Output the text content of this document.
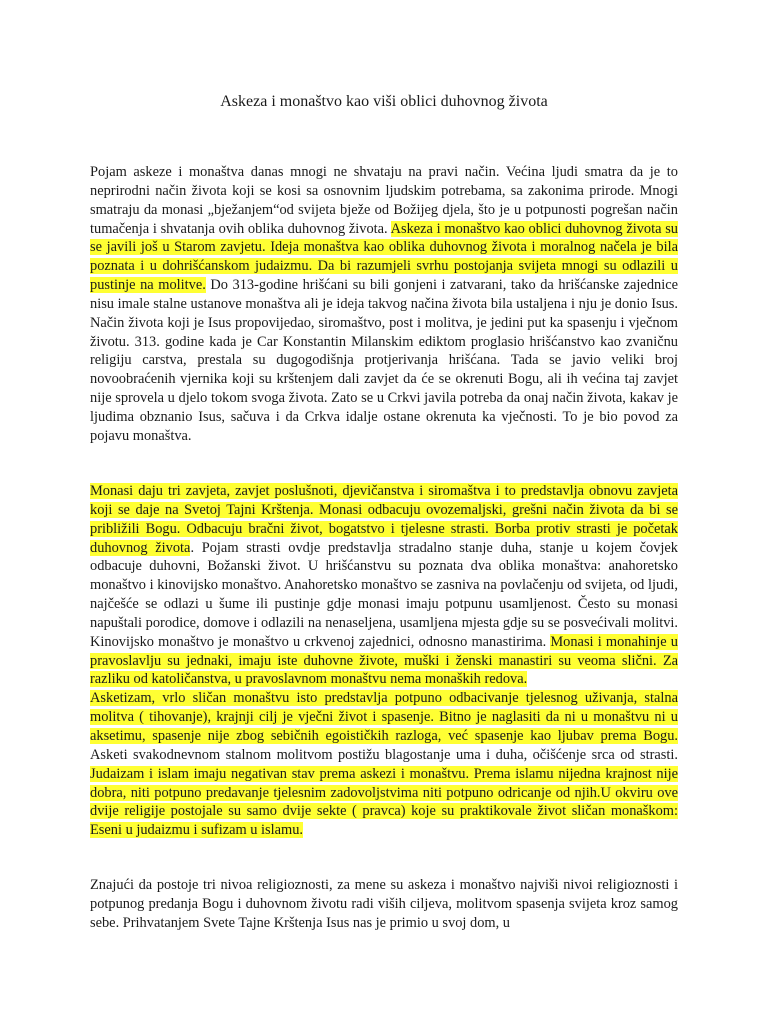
Askeza i monaštvo kao viši oblici duhovnog života

Pojam askeze i monaštva danas mnogi ne shvataju na pravi način. Većina ljudi smatra da je to neprirodni način života koji se kosi sa osnovnim ljudskim potrebama, sa zakonima prirode. Mnogi smatraju da monasi „bježanjem“od svijeta bježe od Božijeg djela, što je u potpunosti pogrešan način tumačenja i shvatanja ovih oblika duhovnog života. Askeza i monaštvo kao oblici duhovnog života su se javili još u Starom zavjetu. Ideja monaštva kao oblika duhovnog života i moralnog načela je bila poznata i u dohrišćanskom judaizmu. Da bi razumjeli svrhu postojanja svijeta mnogi su odlazili u pustinje na molitve. Do 313-godine hrišćani su bili gonjeni i zatvarani, tako da hrišćanske zajednice nisu imale stalne ustanove monaštva ali je ideja takvog načina života bila ustaljena i nju je donio Isus. Način života koji je Isus propovijedao, siromaštvo, post i molitva, je jedini put ka spasenju i vječnom životu. 313. godine kada je Car Konstantin Milanskim ediktom proglasio hrišćanstvo kao zvaničnu religiju carstva, prestala su dugogodišnja protjerivanja hrišćana. Tada se javio veliki broj novoobraćenih vjernika koji su krštenjem dali zavjet da će se okrenuti Bogu, ali ih većina taj zavjet nije sprovela u djelo tokom svoga života. Zato se u Crkvi javila potreba da onaj način života, kakav je ljudima obznanio Isus, sačuva i da Crkva idalje ostane okrenuta ka vječnosti. To je bio povod za pojavu monaštva.

Monasi daju tri zavjeta, zavjet poslušnoti, djevičanstva i siromaštva i to predstavlja obnovu zavjeta koji se daje na Svetoj Tajni Krštenja. Monasi odbacuju ovozemaljski, grešni način života da bi se približili Bogu. Odbacuju bračni život, bogatstvo i tjelesne strasti. Borba protiv strasti je početak duhovnog života. Pojam strasti ovdje predstavlja stradalno stanje duha, stanje u kojem čovjek odbacuje duhovni, Božanski život. U hrišćanstvu su poznata dva oblika monaštva: anahoretsko monaštvo i kinovijsko monaštvo. Anahoretsko monaštvo se zasniva na povlačenju od svijeta, od ljudi, najčešće se odlazi u šume ili pustinje gdje monasi imaju potpunu usamljenost. Često su monasi napuštali porodice, domove i odlazili na nenaseljena, usamljena mjesta gdje su se posvećivali molitvi. Kinovijsko monaštvo je monaštvo u crkvenoj zajednici, odnosno manastirima. Monasi i monahinje u pravoslavlju su jednaki, imaju iste duhovne živote, muški i ženski manastiri su veoma slični. Za razliku od katoličanstva, u pravoslavnom monaštvu nema monaških redova.
Asketizam, vrlo sličan monaštvu isto predstavlja potpuno odbacivanje tjelesnog uživanja, stalna molitva ( tihovanje), krajnji cilj je vječni život i spasenje. Bitno je naglasiti da ni u monaštvu ni u aksetimu, spasenje nije zbog sebičnih egoističkih razloga, već spasenje kao ljubav prema Bogu. Asketi svakodnevnom stalnom molitvom postižu blagostanje uma i duha, očišćenje srca od strasti. Judaizam i islam imaju negativan stav prema askezi i monaštvu. Prema islamu nijedna krajnost nije dobra, niti potpuno predavanje tjelesnim zadovoljstvima niti potpuno odricanje od njih.U okviru ove dvije religije postojale su samo dvije sekte ( pravca) koje su praktikovale život sličan monaškom: Eseni u judaizmu i sufizam u islamu.

Znajući da postoje tri nivoa religioznosti, za mene su askeza i monaštvo najviši nivoi religioznosti i potpunog predanja Bogu i duhovnom životu radi viših ciljeva, molitvom spasenja svijeta kroz samog sebe. Prihvatanjem Svete Tajne Krštenja Isus nas je primio u svoj dom, u
